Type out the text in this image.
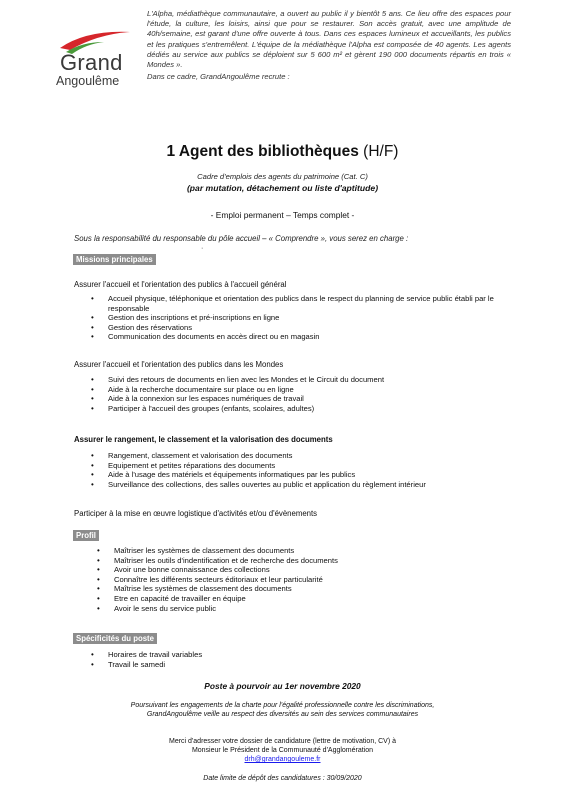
Grand
Angoulême

L'Alpha, médiathèque communautaire, a ouvert au public il y bientôt 5 ans. Ce lieu offre des espaces pour l'étude, la culture, les loisirs, ainsi que pour se restaurer. Son accès gratuit, avec une amplitude de 40h/semaine, est garant d'une offre ouverte à tous. Dans ces espaces lumineux et accueillants, les publics et les pratiques s'entremêlent. L'équipe de la médiathèque l'Alpha est composée de 40 agents. Les agents dédiés au service aux publics se déploient sur 5 600 m² et gèrent 190 000 documents répartis en trois « Mondes ».

Dans ce cadre, GrandAngoulême recrute :

1 Agent des bibliothèques (H/F)
Cadre d'emplois des agents du patrimoine (Cat. C)
(par mutation, détachement ou liste d'aptitude)
- Emploi permanent – Temps complet -
Sous la responsabilité du responsable du pôle accueil – « Comprendre », vous serez en charge :
·
Missions principales
Assurer l'accueil et l'orientation des publics à l'accueil général
• Accueil physique, téléphonique et orientation des publics dans le respect du planning de service public établi par le responsable
• Gestion des inscriptions et pré-inscriptions en ligne
• Gestion des réservations
• Communication des documents en accès direct ou en magasin
Assurer l'accueil et l'orientation des publics dans les Mondes
• Suivi des retours de documents en lien avec les Mondes et le Circuit du document
• Aide à la recherche documentaire sur place ou en ligne
• Aide à la connexion sur les espaces numériques de travail
• Participer à l'accueil des groupes (enfants, scolaires, adultes)
Assurer le rangement, le classement et la valorisation des documents
• Rangement, classement et valorisation des documents
• Equipement et petites réparations des documents
• Aide à l'usage des matériels et équipements informatiques par les publics
• Surveillance des collections, des salles ouvertes au public et application du règlement intérieur
Participer à la mise en œuvre logistique d'activités et/ou d'évènements
Profil
• Maîtriser les systèmes de classement des documents
• Maîtriser les outils d'indentification et de recherche des documents
• Avoir une bonne connaissance des collections
• Connaître les différents secteurs éditoriaux et leur particularité
• Maîtrise les systèmes de classement des documents
• Etre en capacité de travailler en équipe
• Avoir le sens du service public
Spécificités du poste
• Horaires de travail variables
• Travail le samedi
Poste à pourvoir au 1er novembre 2020
Poursuivant les engagements de la charte pour l'égalité professionnelle contre les discriminations,
GrandAngoulême veille au respect des diversités au sein des services communautaires
Merci d'adresser votre dossier de candidature (lettre de motivation, CV) à
Monsieur le Président de la Communauté d'Agglomération
drh@grandangouleme.fr
Date limite de dépôt des candidatures : 30/09/2020
